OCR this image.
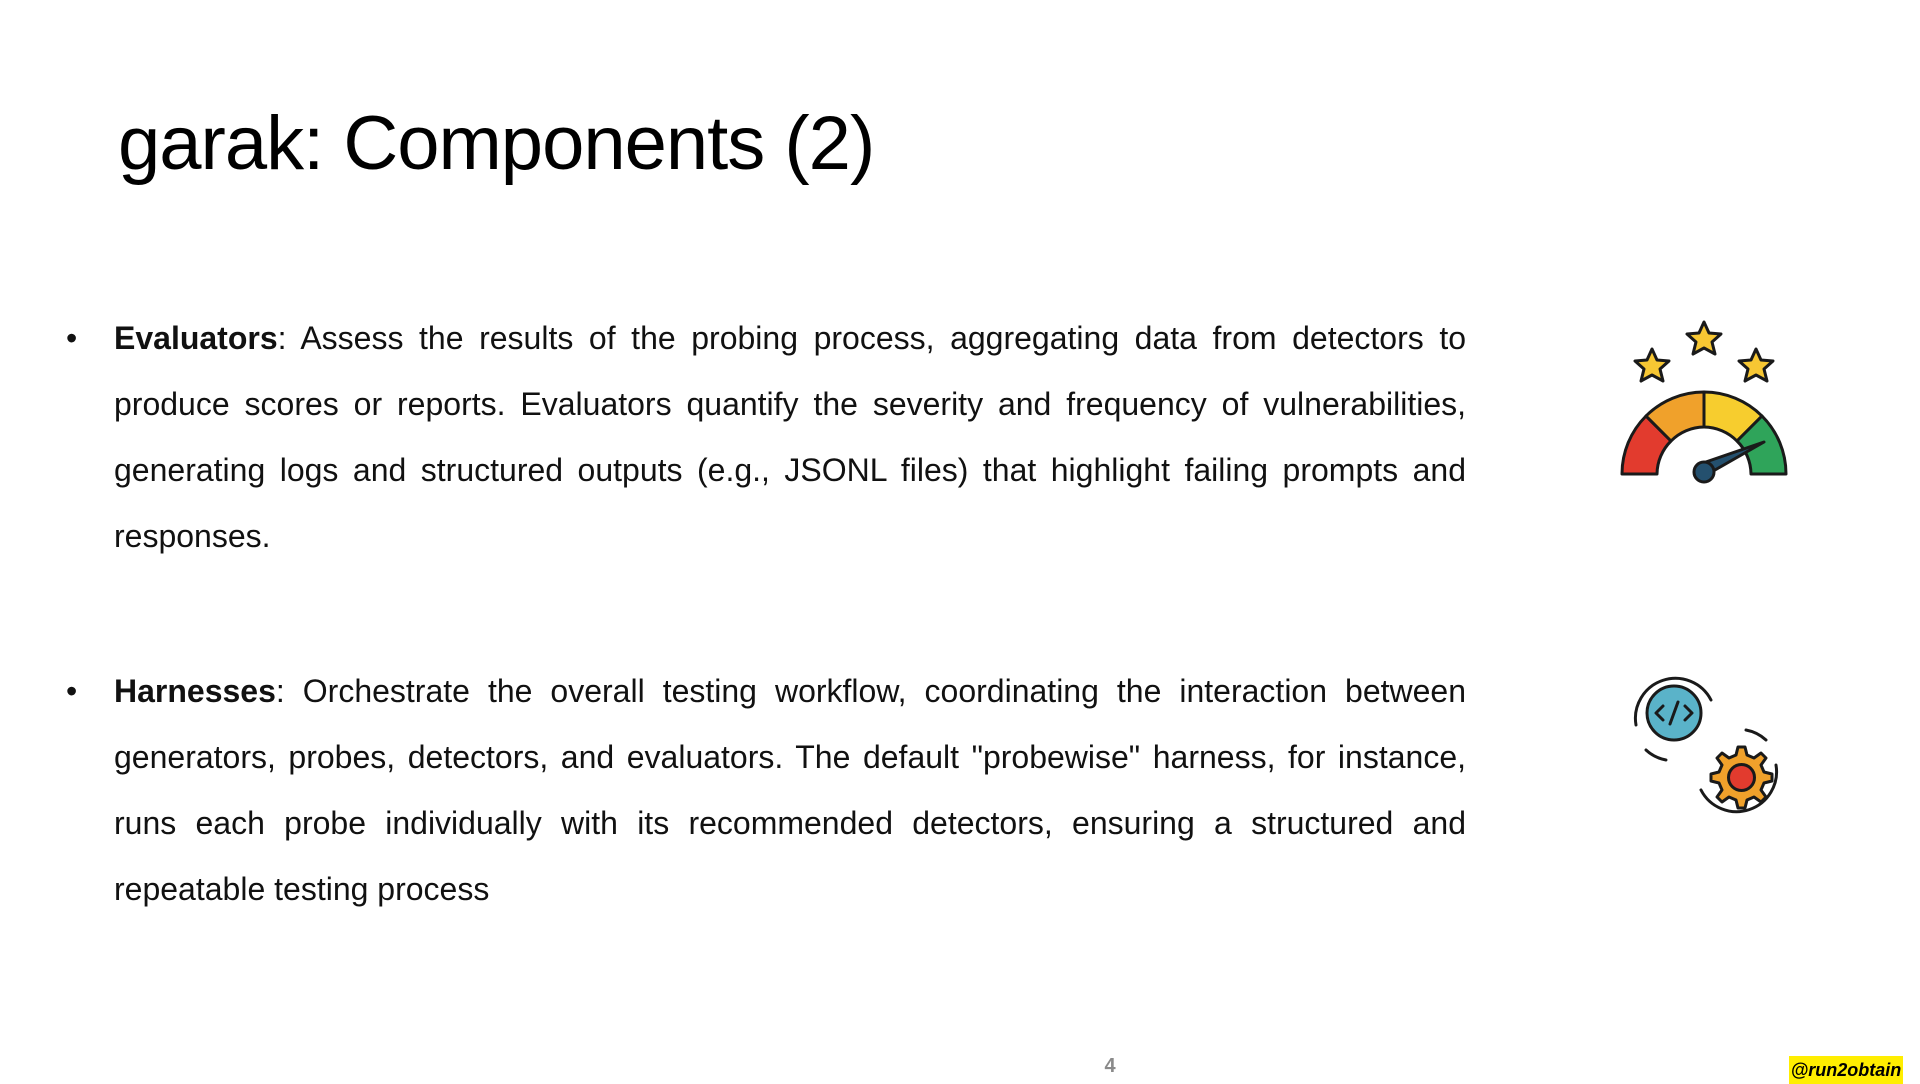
garak: Components (2)
• Evaluators: Assess the results of the probing process, aggregating data from detectors to produce scores or reports. Evaluators quantify the severity and frequency of vulnerabilities, generating logs and structured outputs (e.g., JSONL files) that highlight failing prompts and responses.
• Harnesses: Orchestrate the overall testing workflow, coordinating the interaction between generators, probes, detectors, and evaluators. The default "probewise" harness, for instance, runs each probe individually with its recommended detectors, ensuring a structured and repeatable testing process
4	@run2obtain
